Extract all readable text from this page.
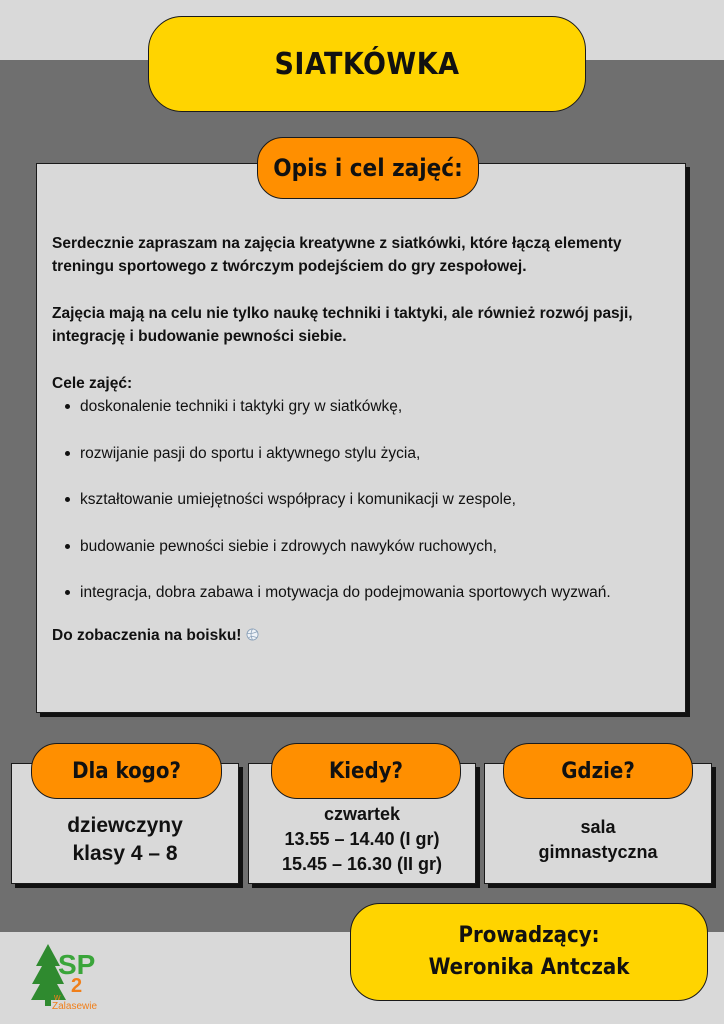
SIATKÓWKA
Opis i cel zajęć:

Serdecznie zapraszam na zajęcia kreatywne z siatkówki, które łączą elementy treningu sportowego z twórczym podejściem do gry zespołowej.

Zajęcia mają na celu nie tylko naukę techniki i taktyki, ale również rozwój pasji, integrację i budowanie pewności siebie.

Cele zajęć:

doskonalenie techniki i taktyki gry w siatkówkę,
rozwijanie pasji do sportu i aktywnego stylu życia,
kształtowanie umiejętności współpracy i komunikacji w zespole,
budowanie pewności siebie i zdrowych nawyków ruchowych,
integracja, dobra zabawa i motywacja do podejmowania sportowych wyzwań.

Do zobaczenia na boisku!

Dla kogo?	Kiedy?	Gdzie?
dziewczyny
klasy 4 – 8
czwartek
13.55 – 14.40 (I gr)
15.45 – 16.30 (II gr)
sala
gimnastyczna
Prowadzący:
Weronika Antczak
SP
2
w
Zalasewie
